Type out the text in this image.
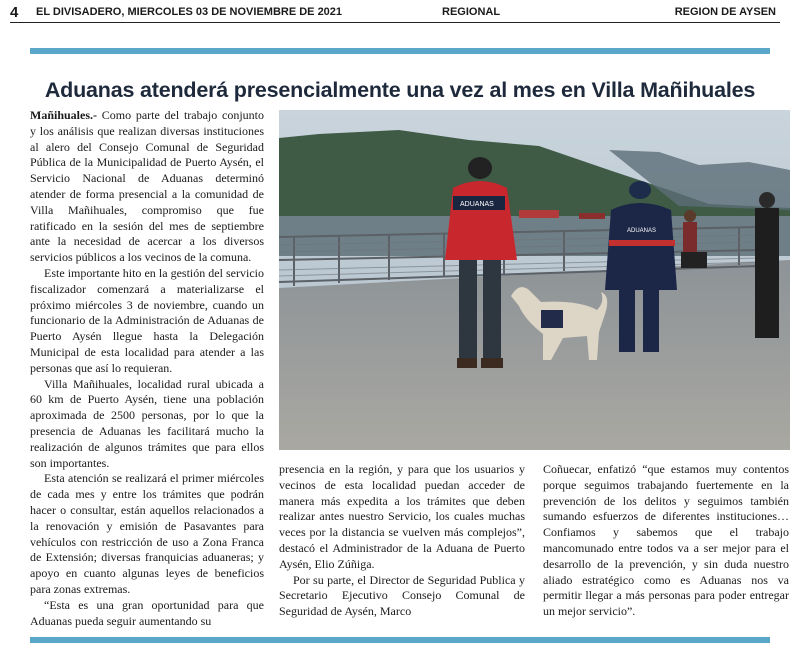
4 EL DIVISADERO, MIERCOLES 03 DE NOVIEMBRE DE 2021	REGIONAL	REGION DE AYSEN
Aduanas atenderá presencialmente una vez al mes en Villa Mañihuales

Mañihuales.- Como parte del trabajo conjunto y los análisis que realizan diversas instituciones al alero del Consejo Comunal de Seguridad Pública de la Municipalidad de Puerto Aysén, el Servicio Nacional de Aduanas determinó atender de forma presencial a la comunidad de Villa Mañihuales, compromiso que fue ratificado en la sesión del mes de septiembre ante la necesidad de acercar a los diversos servicios públicos a los vecinos de la comuna.

Este importante hito en la gestión del servicio fiscalizador comenzará a materializarse el próximo miércoles 3 de noviembre, cuando un funcionario de la Administración de Aduanas de Puerto Aysén llegue hasta la Delegación Municipal de esta localidad para atender a las personas que así lo requieran.

Villa Mañihuales, localidad rural ubicada a 60 km de Puerto Aysén, tiene una población aproximada de 2500 personas, por lo que la presencia de Aduanas les facilitará mucho la realización de algunos trámites que para ellos son importantes.

Esta atención se realizará el primer miércoles de cada mes y entre los trámites que podrán hacer o consultar, están aquellos relacionados a la renovación y emisión de Pasavantes para vehículos con restricción de uso a Zona Franca de Extensión; diversas franquicias aduaneras; y apoyo en cuanto algunas leyes de beneficios para zonas extremas.

“Esta es una gran oportunidad para que Aduanas pueda seguir aumentando su

ADUANAS
ADUANAS

presencia en la región, y para que los usuarios y vecinos de esta localidad puedan acceder de manera más expedita a los trámites que deben realizar antes nuestro Servicio, los cuales muchas veces por la distancia se vuelven más complejos”, destacó el Administrador de la Aduana de Puerto Aysén, Elio Zúñiga.

Por su parte, el Director de Seguridad Publica y Secretario Ejecutivo Consejo Comunal de Seguridad de Aysén, Marco

Coñuecar, enfatizó “que estamos muy contentos porque seguimos trabajando fuertemente en la prevención de los delitos y seguimos también sumando esfuerzos de diferentes instituciones… Confiamos y sabemos que el trabajo mancomunado entre todos va a ser mejor para el desarrollo de la prevención, y sin duda nuestro aliado estratégico como es Aduanas nos va permitir llegar a más personas para poder entregar un mejor servicio”.
